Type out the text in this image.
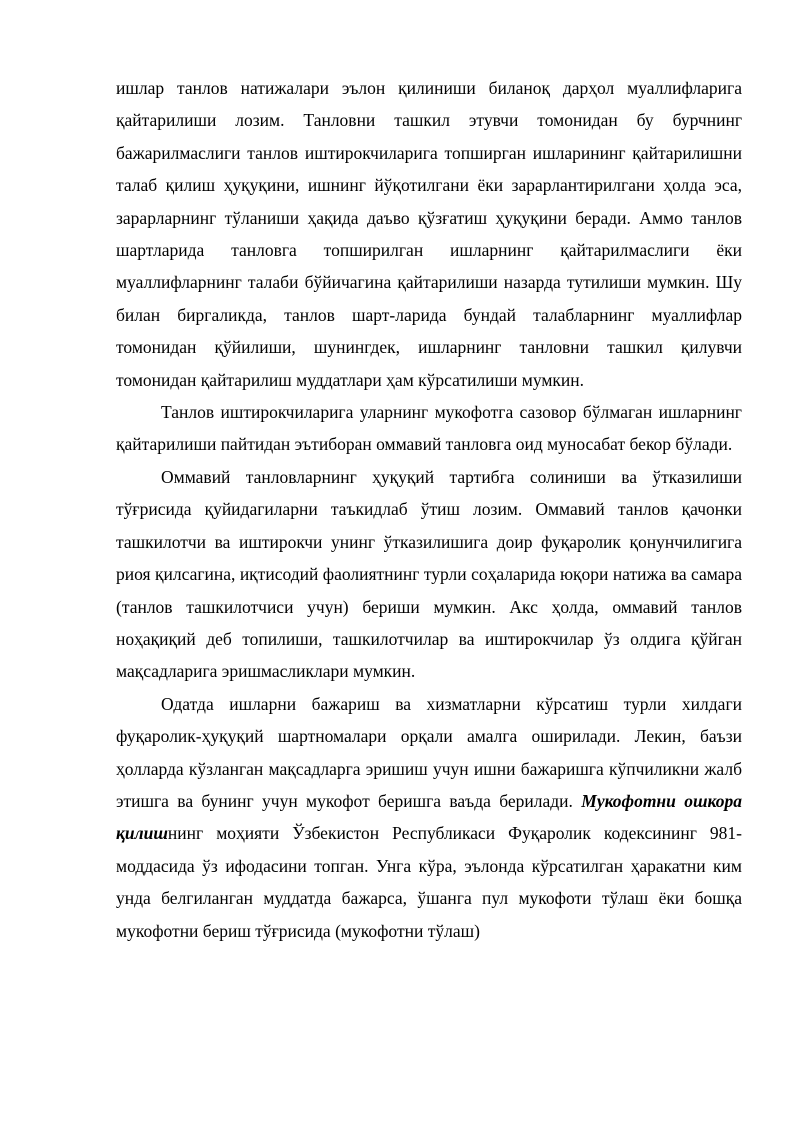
ишлар танлов натижалари эълон қилиниши биланоқ дарҳол муаллифларига қайтарилиши лозим. Танловни ташкил этувчи томонидан бу бурчнинг бажарилмаслиги танлов иштирокчиларига топширган ишларининг қайтарилишни талаб қилиш ҳуқуқини, ишнинг йўқотилгани ёки зарарлантирилгани ҳолда эса, зарарларнинг тўланиши ҳақида даъво қўзғатиш ҳуқуқини беради. Аммо танлов шартларида танловга топширилган ишларнинг қайтарилмаслиги ёки муаллифларнинг талаби бўйичагина қайтарилиши назарда тутилиши мумкин. Шу билан биргаликда, танлов шарт-ларида бундай талабларнинг муаллифлар томонидан қўйилиши, шунингдек, ишларнинг танловни ташкил қилувчи томонидан қайтарилиш муддатлари ҳам кўрсатилиши мумкин.

Танлов иштирокчиларига уларнинг мукофотга сазовор бўлмаган ишларнинг қайтарилиши пайтидан эътиборан оммавий танловга оид муносабат бекор бўлади.

Оммавий танловларнинг ҳуқуқий тартибга солиниши ва ўтказилиши тўғрисида қуйидагиларни таъкидлаб ўтиш лозим. Оммавий танлов қачонки ташкилотчи ва иштирокчи унинг ўтказилишига доир фуқаролик қонунчилигига риоя қилсагина, иқтисодий фаолиятнинг турли соҳаларида юқори натижа ва самара (танлов ташкилотчиси учун) бериши мумкин. Акс ҳолда, оммавий танлов ноҳақиқий деб топилиши, ташкилотчилар ва иштирокчилар ўз олдига қўйган мақсадларига эришмасликлари мумкин.

Одатда ишларни бажариш ва хизматларни кўрсатиш турли хилдаги фуқаролик-ҳуқуқий шартномалари орқали амалга оширилади. Лекин, баъзи ҳолларда кўзланган мақсадларга эришиш учун ишни бажаришга кўпчиликни жалб этишга ва бунинг учун мукофот беришга ваъда берилади. Мукофотни ошкора қилишнинг моҳияти Ўзбекистон Республикаси Фуқаролик кодексининг 981-моддасида ўз ифодасини топган. Унга кўра, эълонда кўрсатилган ҳаракатни ким унда белгиланган муддатда бажарса, ўшанга пул мукофоти тўлаш ёки бошқа мукофотни бериш тўғрисида (мукофотни тўлаш)
